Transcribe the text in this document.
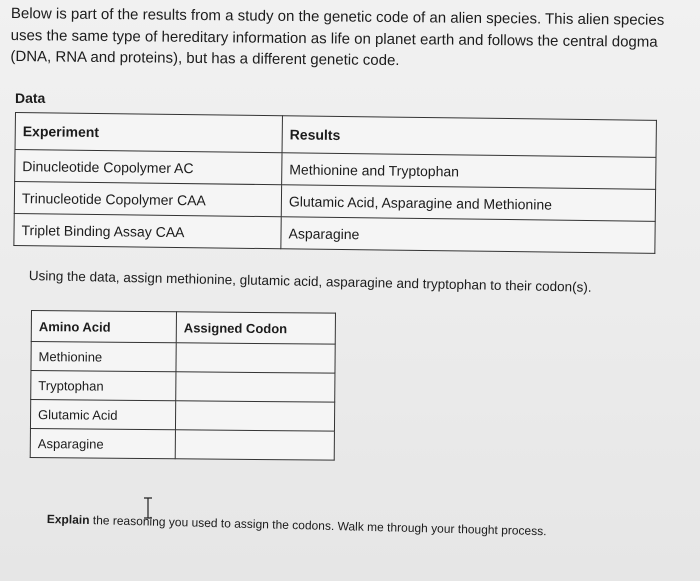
Below is part of the results from a study on the genetic code of an alien species. This alien species uses the same type of hereditary information as life on planet earth and follows the central dogma (DNA, RNA and proteins), but has a different genetic code.
Data
Experiment	Results
Dinucleotide Copolymer AC	Methionine and Tryptophan
Trinucleotide Copolymer CAA	Glutamic Acid, Asparagine and Methionine
Triplet Binding Assay CAA	Asparagine
Using the data, assign methionine, glutamic acid, asparagine and tryptophan to their codon(s).
Amino Acid	Assigned Codon
Methionine	
Tryptophan	
Glutamic Acid	
Asparagine	
Explain the reasoning you used to assign the codons. Walk me through your thought process.
